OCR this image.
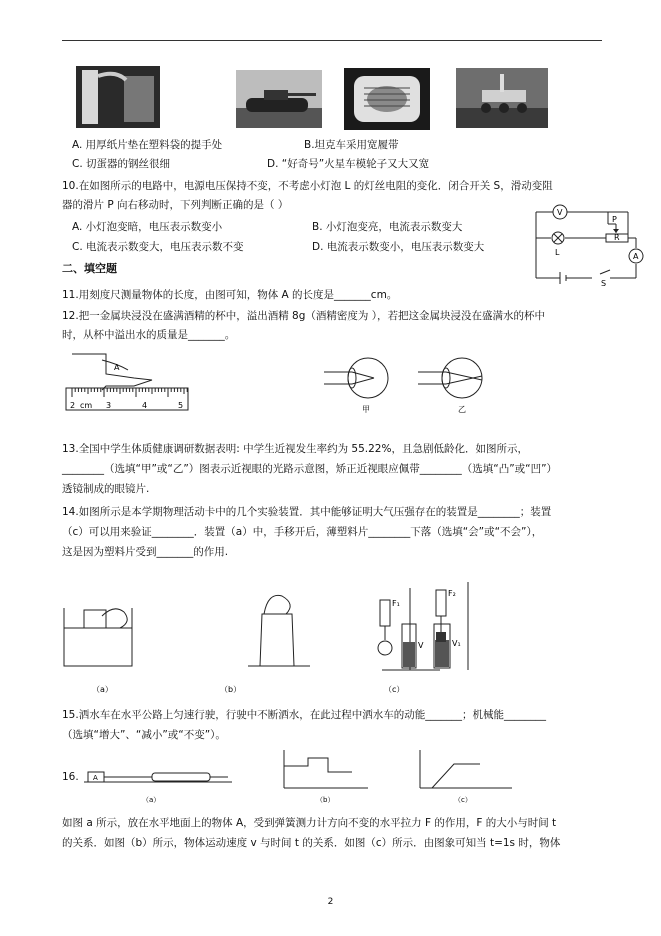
A. 用厚纸片垫在塑料袋的提手处	B.坦克车采用宽履带
C. 切蛋器的钢丝很细	D. “好奇号”火星车模轮子又大又宽
10.在如图所示的电路中，电源电压保持不变，不考虑小灯泡 L 的灯丝电阻的变化．闭合开关 S，滑动变阻
器的滑片 P 向右移动时，下列判断正确的是（ ）
A. 小灯泡变暗，电压表示数变小	B. 小灯泡变亮，电流表示数变大
C. 电流表示数变大，电压表示数不变	D. 电流表示数变小，电压表示数变大
V
P
R
A
L
S
二、填空题
11.用刻度尺测量物体的长度，由图可知，物体 A 的长度是_______cm。
12.把一金属块浸没在盛满酒精的杯中，溢出酒精 8g（酒精密度为 ），若把这金属块浸没在盛满水的杯中
时，从杯中溢出水的质量是_______。
A
2 cm 3	4	5	甲	乙
13.全国中学生体质健康调研数据表明: 中学生近视发生率约为 55.22%，且急剧低龄化．如图所示，
________（选填“甲”或“乙”）图表示近视眼的光路示意图，矫正近视眼应佩带________（选填“凸”或“凹”）
透镜制成的眼镜片.
14.如图所示是本学期物理活动卡中的几个实验装置．其中能够证明大气压强存在的装置是________；装置
（c）可以用来验证________．装置（a）中，手移开后，薄塑料片________下落（选填“会”或“不会”），
这是因为塑料片受到_______的作用.
（a）	（b）	（c）
F₁
F₂
V	V₁
15.洒水车在水平公路上匀速行驶，行驶中不断洒水，在此过程中洒水车的动能_______；机械能________
（选填“增大”、“减小”或“不变”）。
16. A
（a）	（b）	（c）
如图 a 所示，放在水平地面上的物体 A，受到弹簧测力计方向不变的水平拉力 F 的作用，F 的大小与时间 t
的关系．如图（b）所示，物体运动速度 v 与时间 t 的关系．如图（c）所示．由图象可知当 t=1s 时，物体
2
